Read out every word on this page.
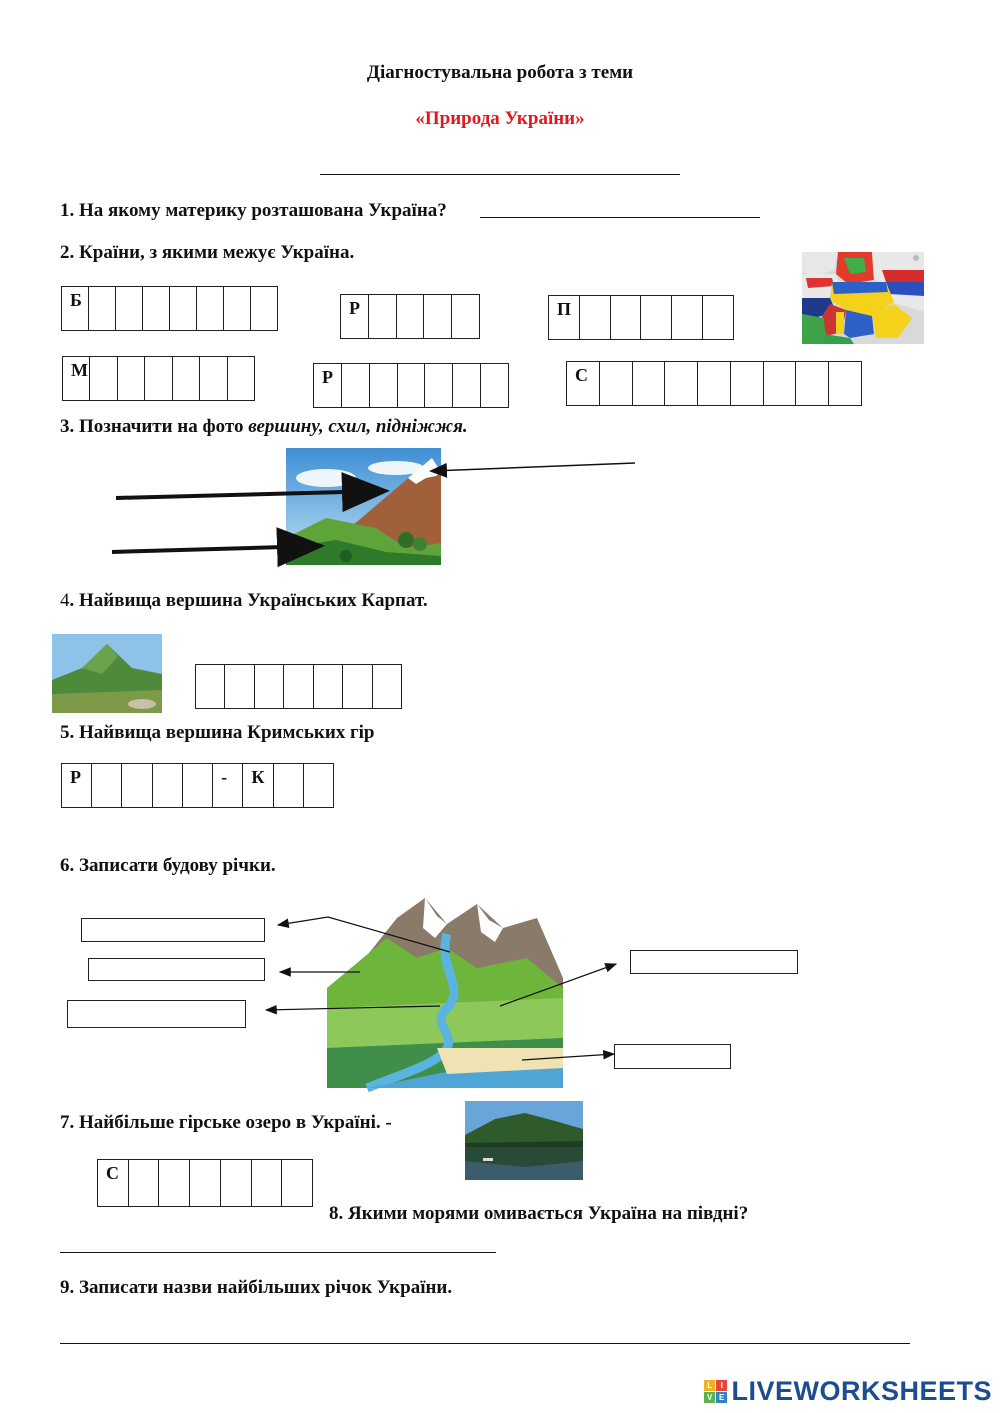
Діагностувальна робота з теми
«Природа України»
1. На якому материку розташована Україна?
2. Країни, з якими межує Україна.
Б	Р	П
М	Р	С
3. Позначити на фото вершину, схил, підніжжя.
4. Найвища вершина Українських Карпат.
5. Найвища вершина Кримських гір
Р	- К
6. Записати будову річки.
7. Найбільше гірське озеро в Україні. -
С
8. Якими морями омивається Україна на півдні?
9. Записати назви найбільших річок України.
L I
V E LIVEWORKSHEETS
